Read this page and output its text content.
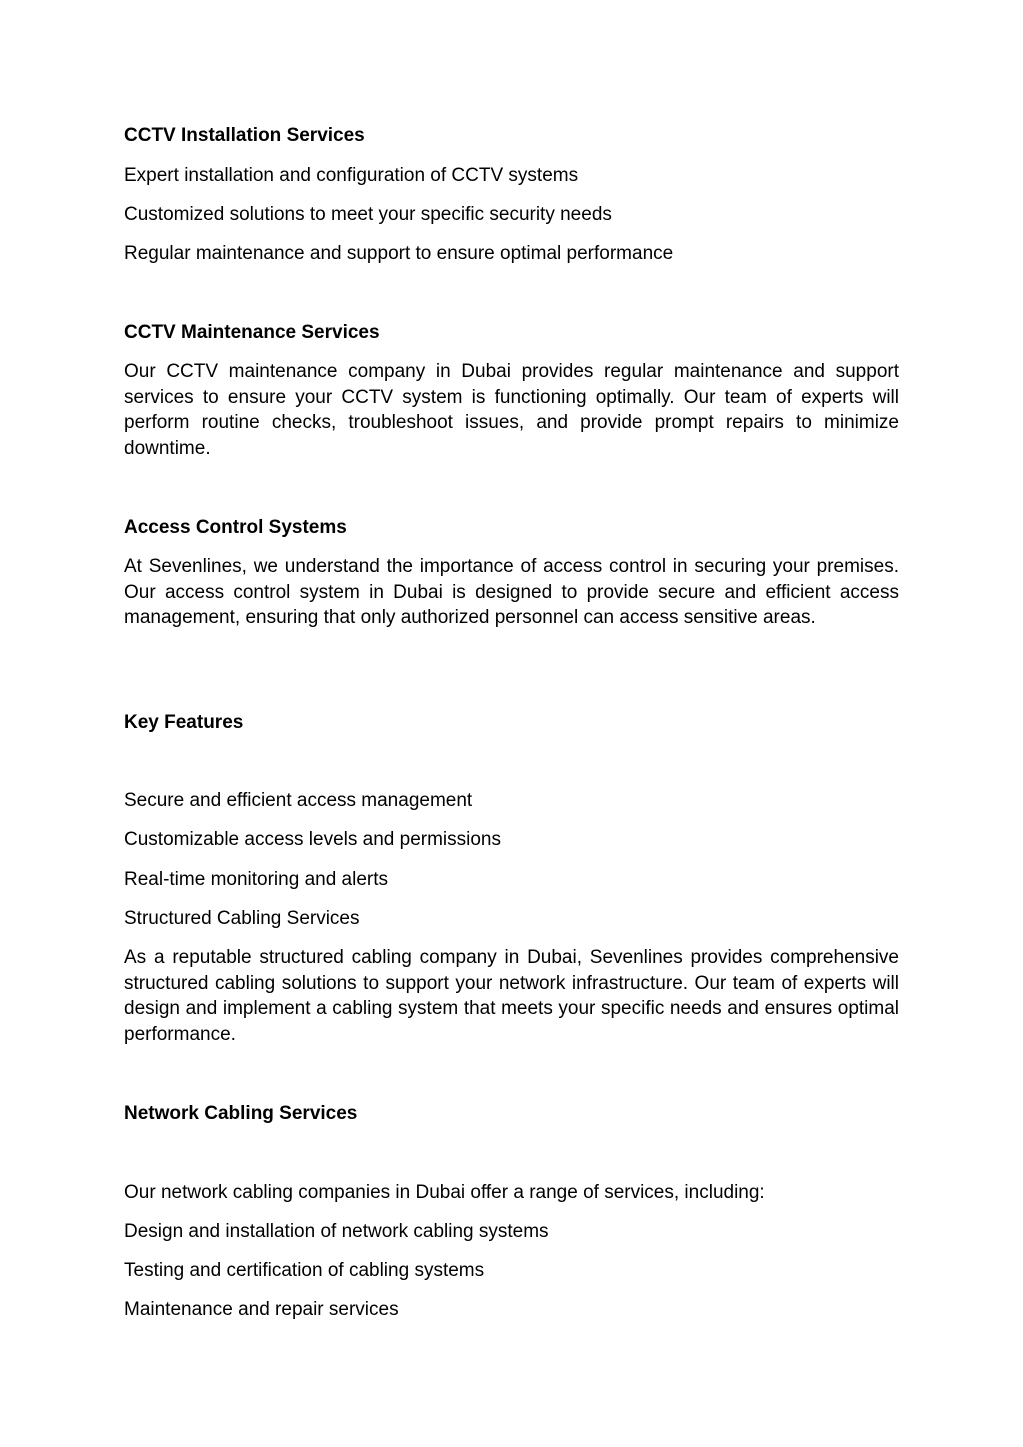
CCTV Installation Services
Expert installation and configuration of CCTV systems
Customized solutions to meet your specific security needs
Regular maintenance and support to ensure optimal performance
CCTV Maintenance Services
Our CCTV maintenance company in Dubai provides regular maintenance and support services to ensure your CCTV system is functioning optimally. Our team of experts will perform routine checks, troubleshoot issues, and provide prompt repairs to minimize downtime.
Access Control Systems
At Sevenlines, we understand the importance of access control in securing your premises. Our access control system in Dubai is designed to provide secure and efficient access management, ensuring that only authorized personnel can access sensitive areas.
Key Features
Secure and efficient access management
Customizable access levels and permissions
Real-time monitoring and alerts
Structured Cabling Services
As a reputable structured cabling company in Dubai, Sevenlines provides comprehensive structured cabling solutions to support your network infrastructure. Our team of experts will design and implement a cabling system that meets your specific needs and ensures optimal performance.
Network Cabling Services
Our network cabling companies in Dubai offer a range of services, including:
Design and installation of network cabling systems
Testing and certification of cabling systems
Maintenance and repair services
